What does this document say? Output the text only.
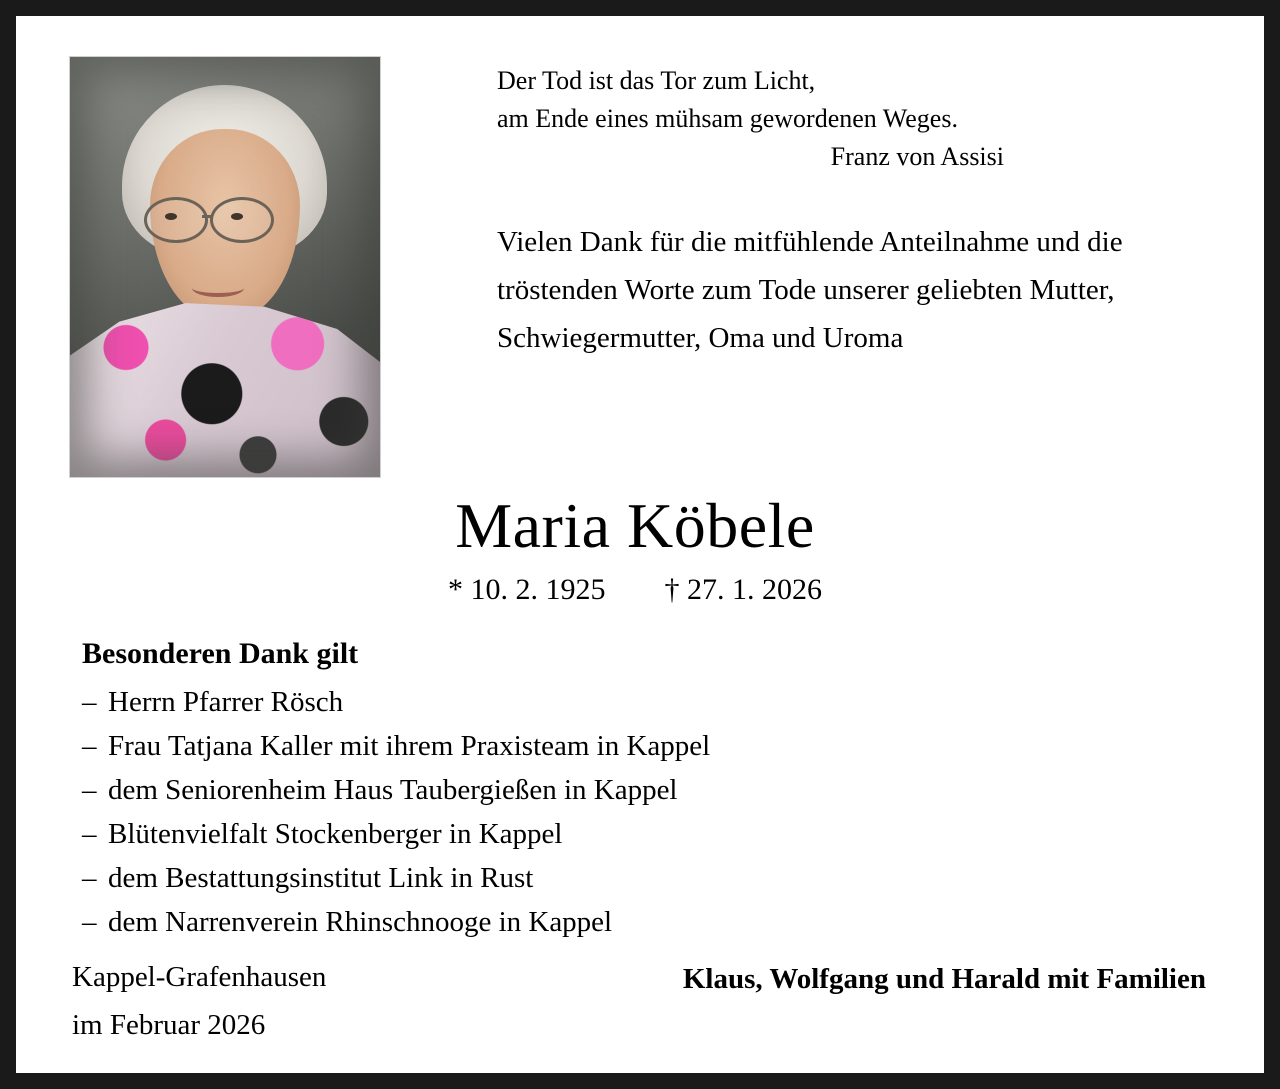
Der Tod ist das Tor zum Licht,
am Ende eines mühsam gewordenen Weges.
Franz von Assisi
Vielen Dank für die mitfühlende Anteilnahme und die tröstenden Worte zum Tode unserer geliebten Mutter, Schwiegermutter, Oma und Uroma
Maria Köbele
* 10. 2. 1925 † 27. 1. 2026
Besonderen Dank gilt
– Herrn Pfarrer Rösch
– Frau Tatjana Kaller mit ihrem Praxisteam in Kappel
– dem Seniorenheim Haus Taubergießen in Kappel
– Blütenvielfalt Stockenberger in Kappel
– dem Bestattungsinstitut Link in Rust
– dem Narrenverein Rhinschnooge in Kappel
Kappel-Grafenhausen
im Februar 2026
Klaus, Wolfgang und Harald mit Familien
